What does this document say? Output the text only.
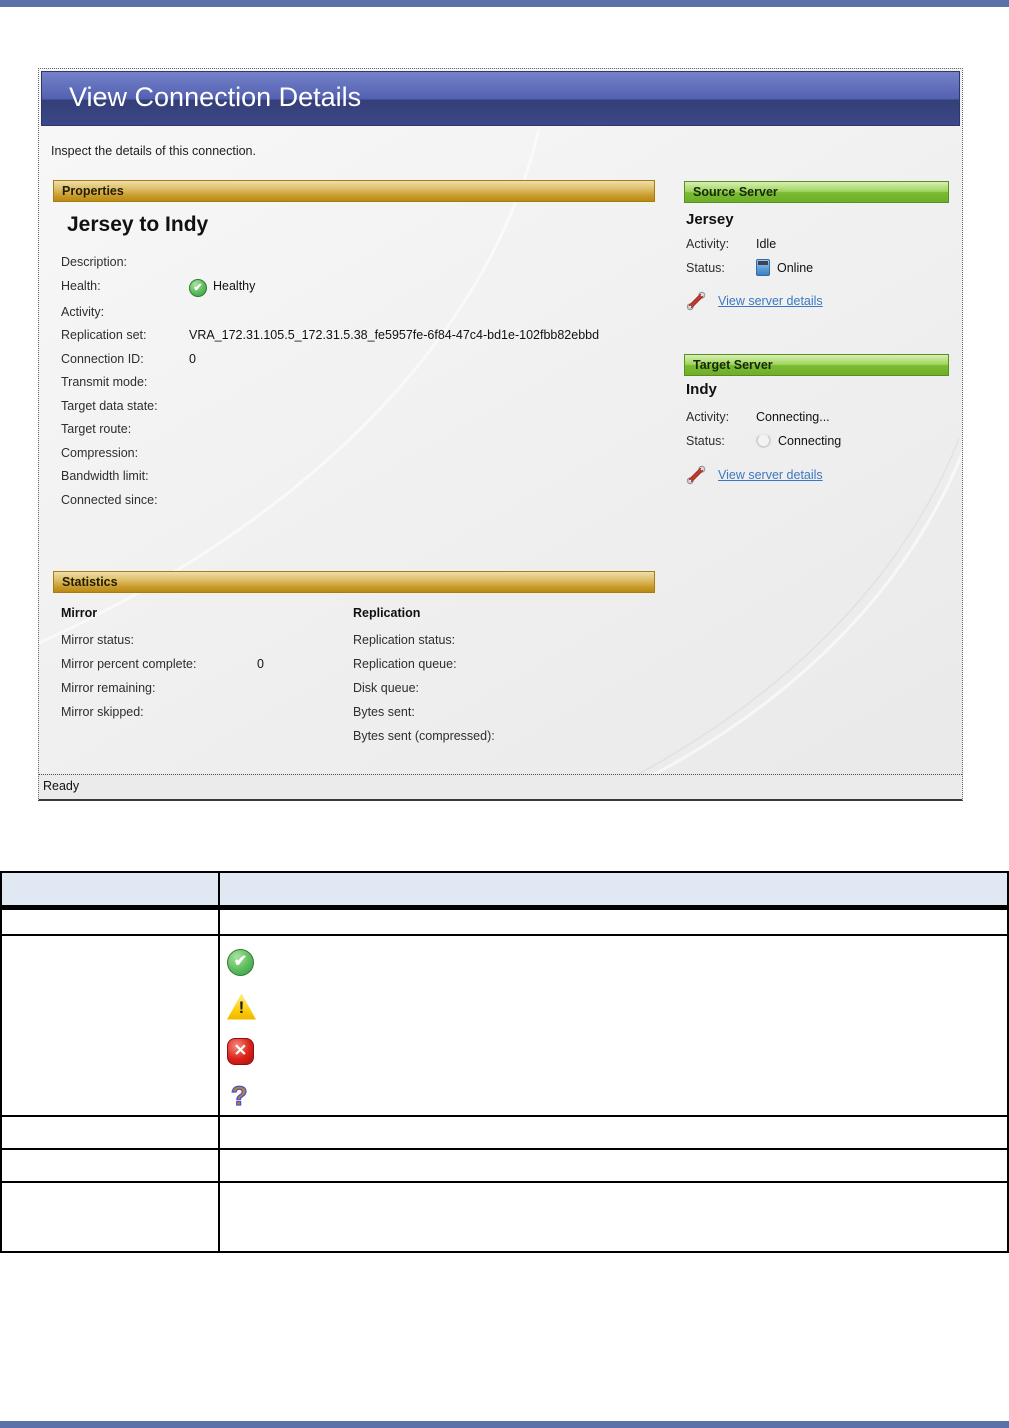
View Connection Details
Inspect the details of this connection.
Properties
Jersey to Indy
Description:
Health: ✔	Healthy
Activity:
Replication set:	VRA_172.31.105.5_172.31.5.38_fe5957fe-6f84-47c4-bd1e-102fbb82ebbd
Connection ID:	0
Transmit mode:
Target data state:
Target route:
Compression:
Bandwidth limit:
Connected since:
Statistics
Mirror
Mirror status:
Mirror percent complete:	0
Mirror remaining:
Mirror skipped:
Replication
Replication status:
Replication queue:
Disk queue:
Bytes sent:
Bytes sent (compressed):
Source Server
Jersey
Activity:	Idle
Status:	Online
View server details
Target Server
Indy
Activity:	Connecting...
Status:	Connecting
View server details
Ready

✔
!
✕
?
